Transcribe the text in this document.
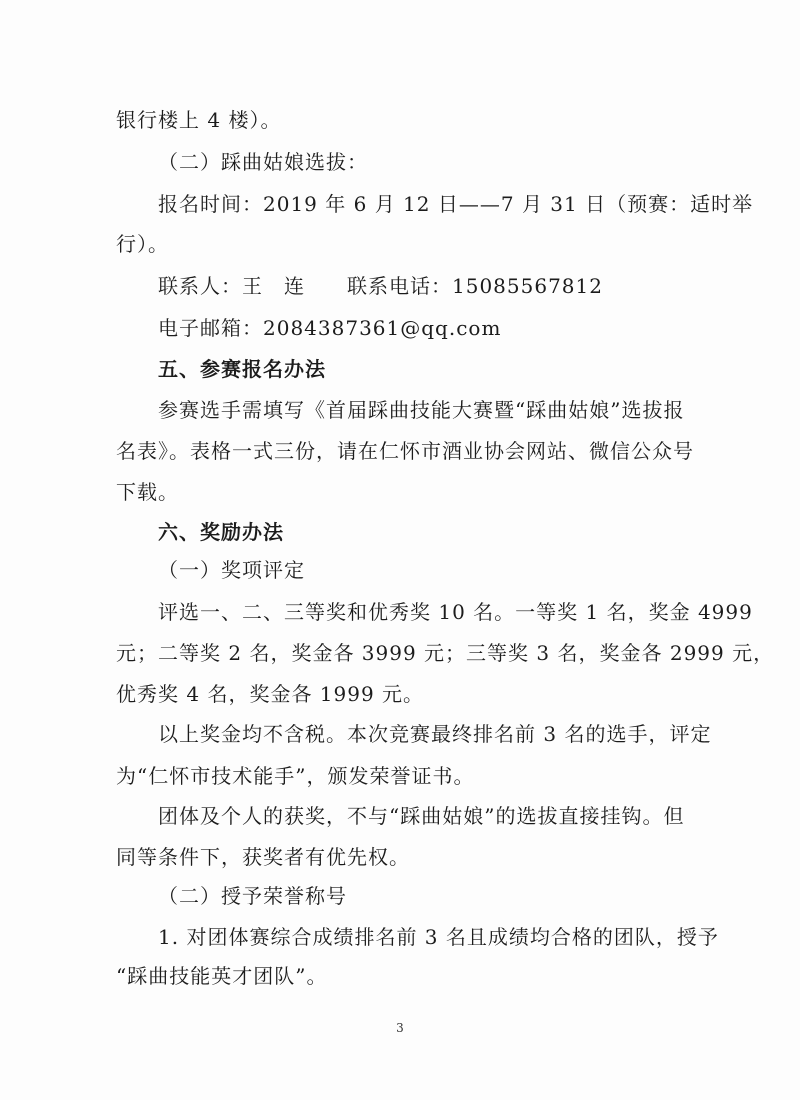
银行楼上 4 楼）。

（二）踩曲姑娘选拔：

报名时间：2019 年 6 月 12 日——7 月 31 日（预赛：适时举

行）。

联系人：王　连　　联系电话：15085567812

电子邮箱：2084387361@qq.com

五、参赛报名办法

参赛选手需填写《首届踩曲技能大赛暨“踩曲姑娘”选拔报

名表》。表格一式三份，请在仁怀市酒业协会网站、微信公众号

下载。

六、奖励办法

（一）奖项评定

评选一、二、三等奖和优秀奖 10 名。一等奖 1 名，奖金 4999

元；二等奖 2 名，奖金各 3999 元；三等奖 3 名，奖金各 2999 元，

优秀奖 4 名，奖金各 1999 元。

以上奖金均不含税。本次竞赛最终排名前 3 名的选手，评定

为“仁怀市技术能手”，颁发荣誉证书。

团体及个人的获奖，不与“踩曲姑娘”的选拔直接挂钩。但

同等条件下，获奖者有优先权。

（二）授予荣誉称号

1. 对团体赛综合成绩排名前 3 名且成绩均合格的团队，授予

“踩曲技能英才团队”。

3
